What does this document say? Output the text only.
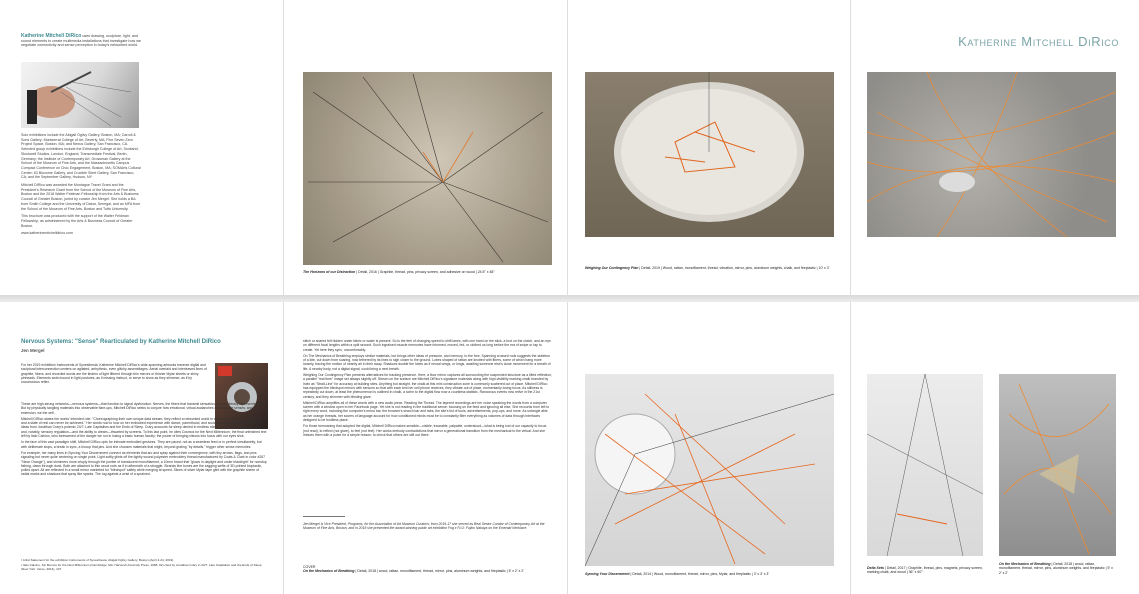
Katherine Mitchell DiRico uses drawing, sculpture, light, and sound elements to create multimedia installations that investigate how we negotiate connectivity and sense perception in today's networked world.

Solo exhibitions include the Abigail Ogilvy Gallery, Boston, MA; Carroll & Sons Gallery; Montserrat College of Art, Beverly, MA; Five Seven Zero Project Space, Boston, MA; and Nexus Gallery, San Francisco, CA. Selected group exhibitions include the Edinburgh College of Art, Scotland; Stockwell Studios, London, England; Transmediale Festival, Berlin, Germany; the Institute of Contemporary Art, Grossman Gallery at the School of the Museum of Fine Arts, and the Massachusetts Campus Compact Conference on Civic Engagement, Boston, MA; SOMArts Cultural Center; 63 Bluxome Gallery, and Crucible Steel Gallery, San Francisco, CA; and the September Gallery, Hudson, NY.

Mitchell DiRico was awarded the Montague Travel Grant and the President's Research Grant from the School of the Museum of Fine Arts, Boston and the 2018 Walter Feldman Fellowship from the Arts & Business Council of Greater Boston, juried by curator Jen Mergel. She holds a BA from Smith College and the University of Dakar, Senegal, and an MFA from the School of the Museum of Fine Arts, Boston and Tufts University.

This brochure was produced with the support of the Walter Feldman Fellowship, as administered by the Arts & Business Council of Greater Boston.

www.katherinemitchelldirico.com

Katherine Mitchell DiRico
The Horizons of our Distraction | Detail, 2016 | Graphite, thread, pins, privacy screen, and adhesive on wood | 24.5" x 48"
Weighing Our Contingency Plan | Detail, 2019 | Wood, rattan, monofilament, thread, vibration, mirror, pins, aluminum weights, chalk, and fireplastic | 10' x 3'
Nervous Systems: "Sense" Rearticulated by Katherine Mitchell DiRico
Jen Mergel

For her 2019 exhibition Instruments of Synesthesia, Katherine Mitchell DiRico's wide-spanning artworks traverse digital and sculptural interconnection centers on agitated, arrhythmic, even glitchy assemblages. Aerial overlaid and interleaved lines of graphite, fibers, and recorded words are the tinders of light filtered through thin mirrors or thinner Mylar sheets or shiny pinheads. Elements swim bound in light postures, as if missing instruct, or serve to show as they shimmer, as if by unconscious reflex.

These are high-strung networks—nervous systems—that function to signal dysfunction. Nerves, the fibers that transmit sensation, are not literally represented here. But by physically tangling materials into observable flare-ups, Mitchell DiRico seeks to conjure how emotional, virtual avalanches overload the senses, and, by extension, we the self.

Mitchell DiRico states her works' intended role: "Choreographing their own unique data stream, they reflect a networked world in which nothing is ever turned off, and a state of rest can never be achieved." Her words nod to how on her embodied experience with dance, parenthood, and social media; but they also pinpoint ideas from Jonathan Crary's polemic 24/7: Late Capitalism and the Ends of Sleep. Crary accounts for sleep denied in endless stimuli, reflective in sleepless glare, and, notably, sensory regulation—and the ability to dream—thwarted by screens. To this last point, he cites Cosmos for the Next Millennium, the final unfinished text left by Italo Calvino, who forewarned of the danger we run in losing a basic human faculty: the power of bringing visions into focus with our eyes shut.

In the face of this vast paradigm shift, Mitchell DiRico opts for intimate embodied gestures. They are paced, not as a seamless feed or in perfect simultaneity, but with deliberate stops, a break in sync, a hiccup that jars. And she chooses materials that might, beyond grating "by details," trigger other sense memories.

For example, her many lines in Syncing Your Discernment connect as elements that arc and splay against their convergence, with tiny arrows, flags, and pins signaling but never quite centering on single point. Light softly glints off the tightly wound polyester embroidery thread manufactured by Coats & Clark in color #267 "Neon Orange"), and shimmers more crisply through the jumble of translucent monofilament, a 10mm brand that "glows in daylight and under blacklight" for nonstop fishing, dawn through dusk. Both are attached to thin wood rods as if in aftermath of a struggle. Strands line bones are the zagging wefts of 3D-printed bioplastic, pulled apart. All are reflected in a small mirror marketed for "blindspot" safety while merging at speed. Slices of silver Mylar tape glint with the graphite sheen of radial marks and shadows that spray like sparks. The tug against a wrist of a sprained.

¹ Artist Statement for the exhibition Instruments of Synesthesia, Abigail Ogilvy Gallery, Boston (April 4-24, 2019).

² Italo Calvino, Six Memos for the Next Millennium (Cambridge, MA: Harvard University Press, 1988, 92) cited by Jonathan Crary in 24/7: Late Capitalism and the Ends of Sleep (New York: Verso, 2014), 107.

stitch or snared felt hidden under fabric or water is present. So is the feel of changing speed to shift lanes, with one hand on the stick, a foot on the clutch, and an eye on different focal lengths within a split second. Such ingrained muscle memories have informed, moved, fed, or clothed us long before the era of swipe or tap to create. Yet here they sync, uncomfortably.

On The Mechanics of Breathing employs similar materials, but brings other ideas of pressure, and memory, to the fore. Spanning crossed rods suggests the skeleton of a kite, cut down from soaring, now tethered by its lines to sigh closer to the ground. Lobes shaped of rattan are knotted with fibers, some of which hang more loosely, tracing the motion of nearby air in their sway. Shadows double the lobes as if neural wings, or lungs, awaiting someone else's close movement for a breath of life. A nearby body, not a digital signal, could bring a next breath.

Weighing Our Contingency Plan presents alternatives for tracking presence. Here, a floor mirror captures all surrounding the suspended structure as a tilted reflection, a parallel "real time" image set always slightly off. Strewn on the surface are Mitchell DiRico's signature materials along with high-visibility marking chalk branded by Irwin as "Strait-Line" for accuracy at building sites. Anything but straight, the chalk at this mini construction zone is commonly scattered out of place. Mitchell DiRico has equipped the blindspot mirrors with sensors so that with each text her cell phone receives, they vibrate out of place, momentarily losing focus. As stillness is repeatedly cut down, at least the phenomenon is outlined in chalk, a scrim to the digital flow now a countless statistic. Rancorous events now relive in the 21st century, and they shimmer with blinding glare.

Mitchell DiRico amplifies all of these words with a new audio piece, Reading the Thread. The layered recordings are her voice speaking the words from a computer screen with a window open to her Facebook page. Yet she is not reading in the traditional sense: focusing on the feed and ignoring all else. She recounts from left to right every word, including the computer's menu bar, the browser's search bar and tabs, the site's list of tools, advertisements, pop-ups, and more. As untangle able as her orange threads, her scores of language account for how conditioned minds must be to constantly filter everything as volumes of data through interfaces designed to be bodiless place.

For those bemoaning that adopted the digital, Mitchell DiRico makes sensible—visible, traceable, palpable, understood—what is being lost of our capacity to focus (not read), to reflect (not glare), to feel (not feel). Her works embody contradictions that mirror a generational transition from the mechanical to the virtual. And she imbues them with a pulse for a simple reason: to check that others are still out there.

Jen Mergel is Vice President, Programs, for the Association of Art Museum Curators; from 2019-17 she served as Beal Senior Curator of Contemporary Art at the Museum of Fine Arts, Boston, and in 2018 she presented the award-winning public art exhibition Fog x FLO: Fujiko Nakaya on the Emerald Necklace.
COVER
On the Mechanics of Breathing | Detail, 2018 | wood, rattan, monofilament, thread, mirror, pins, aluminum weights, and fireplastic | 5' x 2' x 2'
Syncing Your Discernment | Detail, 2014 | Wood, monofilament, thread, mirror, pins, Mylar, and fireplastic | 3' x 3' x 3'
Delta Sets | Detail, 2017 | Graphite, thread, pins, magnets, privacy screen, marking chalk, and wood | 36" x 60"
On the Mechanics of Breathing | Detail, 2018 | wood, rattan, monofilament, thread, mirror, pins, aluminum weights, and fireplastic | 5' x 2' x 2'
